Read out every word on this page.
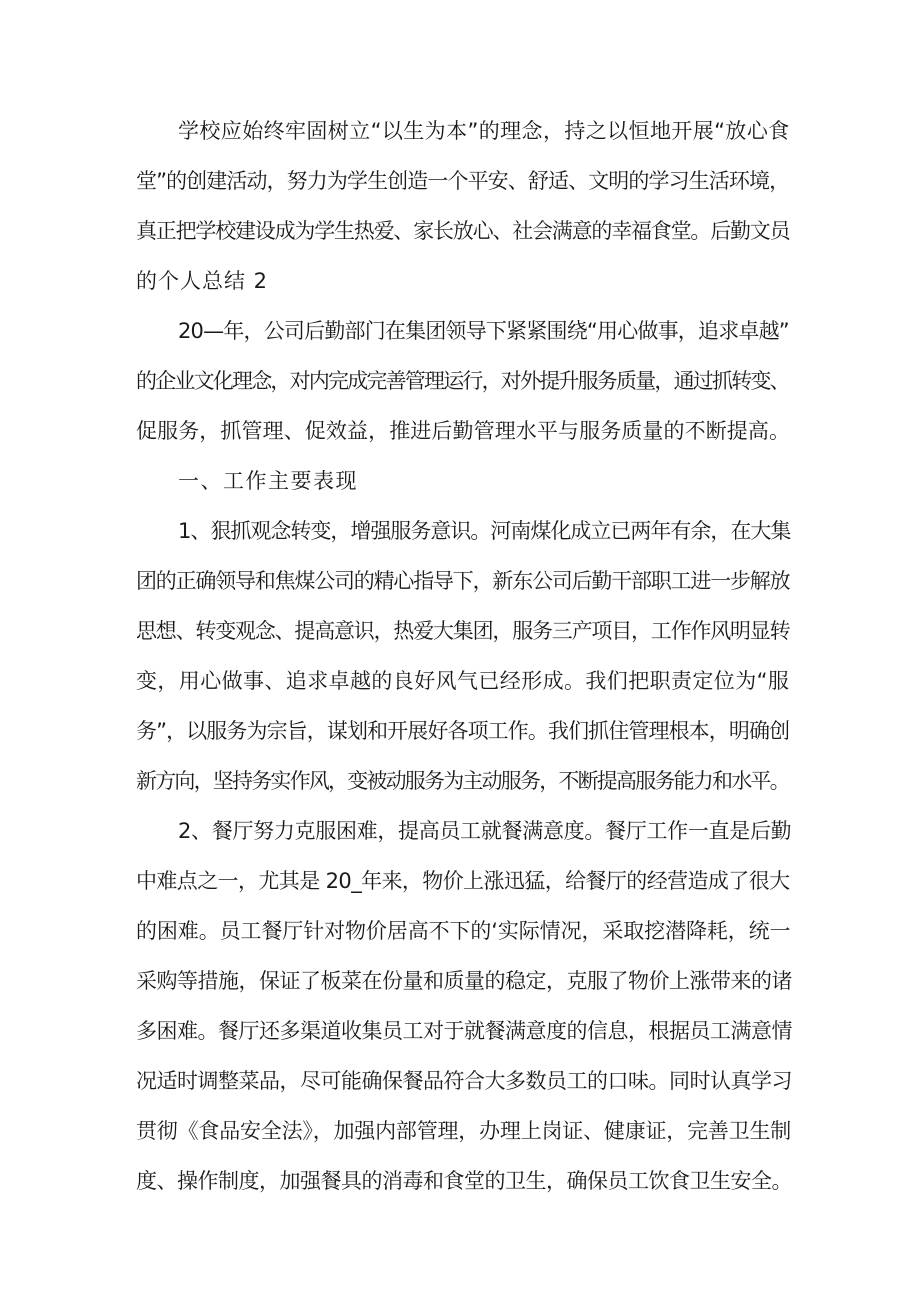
学校应始终牢固树立“以生为本”的理念，持之以恒地开展“放心食
堂”的创建活动，努力为学生创造一个平安、舒适、文明的学习生活环境，
真正把学校建设成为学生热爱、家长放心、社会满意的幸福食堂。后勤文员
的个人总结 2
20—年，公司后勤部门在集团领导下紧紧围绕“用心做事，追求卓越”
的企业文化理念，对内完成完善管理运行，对外提升服务质量，通过抓转变、
促服务，抓管理、促效益，推进后勤管理水平与服务质量的不断提高。
一、工作主要表现
1、狠抓观念转变，增强服务意识。河南煤化成立已两年有余，在大集
团的正确领导和焦煤公司的精心指导下，新东公司后勤干部职工进一步解放
思想、转变观念、提高意识，热爱大集团，服务三产项目，工作作风明显转
变，用心做事、追求卓越的良好风气已经形成。我们把职责定位为“服
务”，以服务为宗旨，谋划和开展好各项工作。我们抓住管理根本，明确创
新方向，坚持务实作风，变被动服务为主动服务，不断提高服务能力和水平。
2、餐厅努力克服困难，提高员工就餐满意度。餐厅工作一直是后勤
中难点之一，尤其是 20_年来，物价上涨迅猛，给餐厅的经营造成了很大
的困难。员工餐厅针对物价居高不下的‘实际情况，采取挖潜降耗，统一
采购等措施，保证了板菜在份量和质量的稳定，克服了物价上涨带来的诸
多困难。餐厅还多渠道收集员工对于就餐满意度的信息，根据员工满意情
况适时调整菜品，尽可能确保餐品符合大多数员工的口味。同时认真学习
贯彻《食品安全法》，加强内部管理，办理上岗证、健康证，完善卫生制
度、操作制度，加强餐具的消毒和食堂的卫生，确保员工饮食卫生安全。
